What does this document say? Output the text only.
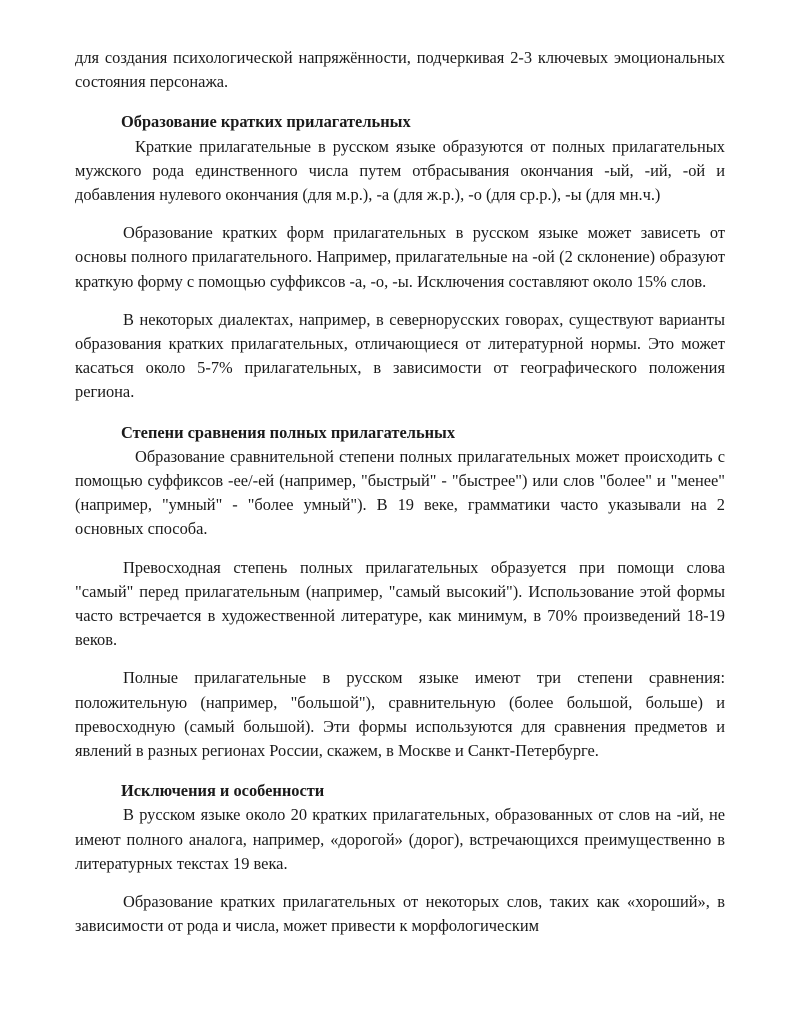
для создания психологической напряжённости, подчеркивая 2-3 ключевых эмоциональных состояния персонажа.

Образование кратких прилагательных

Краткие прилагательные в русском языке образуются от полных прилагательных мужского рода единственного числа путем отбрасывания окончания -ый, -ий, -ой и добавления нулевого окончания (для м.р.), -а (для ж.р.), -о (для ср.р.), -ы (для мн.ч.)

Образование кратких форм прилагательных в русском языке может зависеть от основы полного прилагательного. Например, прилагательные на -ой (2 склонение) образуют краткую форму с помощью суффиксов -а, -о, -ы. Исключения составляют около 15% слов.

В некоторых диалектах, например, в севернорусских говорах, существуют варианты образования кратких прилагательных, отличающиеся от литературной нормы. Это может касаться около 5-7% прилагательных, в зависимости от географического положения региона.

Степени сравнения полных прилагательных

Образование сравнительной степени полных прилагательных может происходить с помощью суффиксов -ее/-ей (например, "быстрый" - "быстрее") или слов "более" и "менее" (например, "умный" - "более умный"). В 19 веке, грамматики часто указывали на 2 основных способа.

Превосходная степень полных прилагательных образуется при помощи слова "самый" перед прилагательным (например, "самый высокий"). Использование этой формы часто встречается в художественной литературе, как минимум, в 70% произведений 18-19 веков.

Полные прилагательные в русском языке имеют три степени сравнения: положительную (например, "большой"), сравнительную (более большой, больше) и превосходную (самый большой). Эти формы используются для сравнения предметов и явлений в разных регионах России, скажем, в Москве и Санкт-Петербурге.

Исключения и особенности

В русском языке около 20 кратких прилагательных, образованных от слов на -ий, не имеют полного аналога, например, «дорогой» (дорог), встречающихся преимущественно в литературных текстах 19 века.

Образование кратких прилагательных от некоторых слов, таких как «хороший», в зависимости от рода и числа, может привести к морфологическим
